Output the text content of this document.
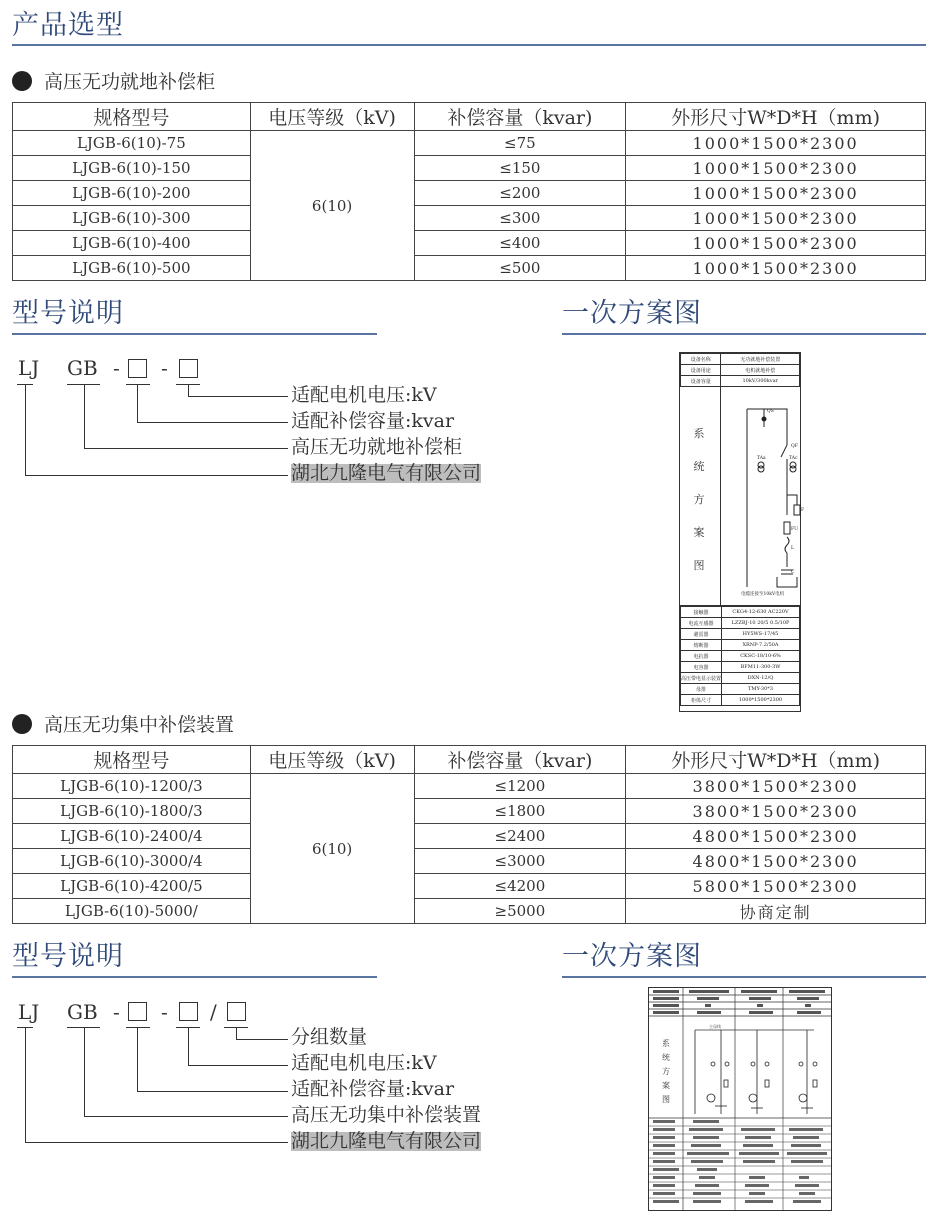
产品选型
高压无功就地补偿柜
规格型号	电压等级（kV)	补偿容量（kvar)	外形尺寸W*D*H（mm)
LJGB-6(10)-75	6(10)	≤75	1000*1500*2300
LJGB-6(10)-150		≤150	1000*1500*2300
LJGB-6(10)-200		≤200	1000*1500*2300
LJGB-6(10)-300		≤300	1000*1500*2300
LJGB-6(10)-400		≤400	1000*1500*2300
LJGB-6(10)-500		≤500	1000*1500*2300
型号说明	一次方案图
LJ GB - -
适配电机电压:kV
适配补偿容量:kvar
高压无功就地补偿柜
湖北九隆电气有限公司
设备名称	无功就地补偿装置
设备用途	电机就地补偿
设备容量	10kV/300kvar
系
统
方
案
图
QS
QF
TAa	TAc
F
FU
L
C
电缆连接至10kV电机
接触器	CKG4-12-630 AC220V
电流互感器	LZZBJ-10 20/5 0.5/10P
避雷器	HY5WS-17/45
熔断器	XRNP-7.2/50A
电抗器	CKSC-18/10-6%
电容器	BFM11-300-3W
高压带电显示装置	DXN-12/Q
母排	TMY-30*3
柜体尺寸	1000*1500*2300
高压无功集中补偿装置
规格型号	电压等级（kV)	补偿容量（kvar)	外形尺寸W*D*H（mm)
LJGB-6(10)-1200/3	6(10)	≤1200	3800*1500*2300
LJGB-6(10)-1800/3		≤1800	3800*1500*2300
LJGB-6(10)-2400/4		≤2400	4800*1500*2300
LJGB-6(10)-3000/4		≤3000	4800*1500*2300
LJGB-6(10)-4200/5		≤4200	5800*1500*2300
LJGB-6(10)-5000/		≥5000	协商定制
型号说明	一次方案图
LJ GB - - /
分组数量
适配电机电压:kV
适配补偿容量:kvar
高压无功集中补偿装置
湖北九隆电气有限公司
系
统
方
案
图
主母线
